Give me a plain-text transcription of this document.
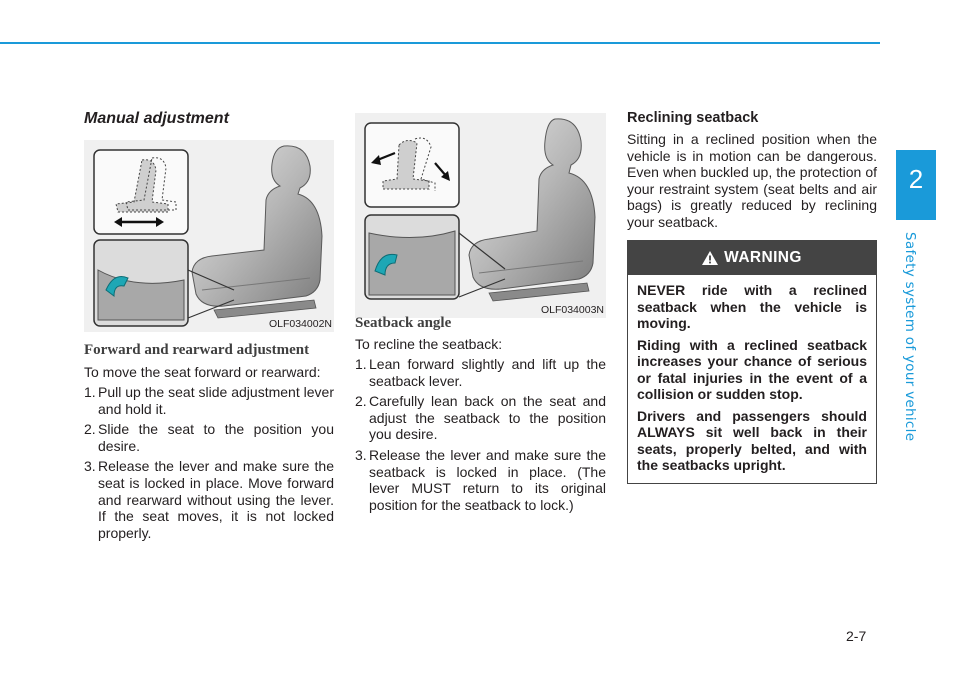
2
Safety system of your vehicle
Manual adjustment
OLF034002N
OLF034003N
Forward and rearward adjustment
To move the seat forward or rearward:
1. Pull up the seat slide adjustment lever and hold it.
2. Slide the seat to the position you desire.
3. Release the lever and make sure the seat is locked in place. Move forward and rearward without using the lever. If the seat moves, it is not locked properly.
Seatback angle
To recline the seatback:
1. Lean forward slightly and lift up the seatback lever.
2. Carefully lean back on the seat and adjust the seatback to the position you desire.
3. Release the lever and make sure the seatback is locked in place. (The lever MUST return to its original position for the seatback to lock.)
Reclining seatback
Sitting in a reclined position when the vehicle is in motion can be dangerous. Even when buckled up, the protection of your restraint system (seat belts and air bags) is greatly reduced by reclining your seatback.
WARNING

NEVER ride with a reclined seatback when the vehicle is moving.

Riding with a reclined seatback increases your chance of serious or fatal injuries in the event of a collision or sudden stop.

Drivers and passengers should ALWAYS sit well back in their seats, properly belted, and with the seatbacks upright.

2-7
